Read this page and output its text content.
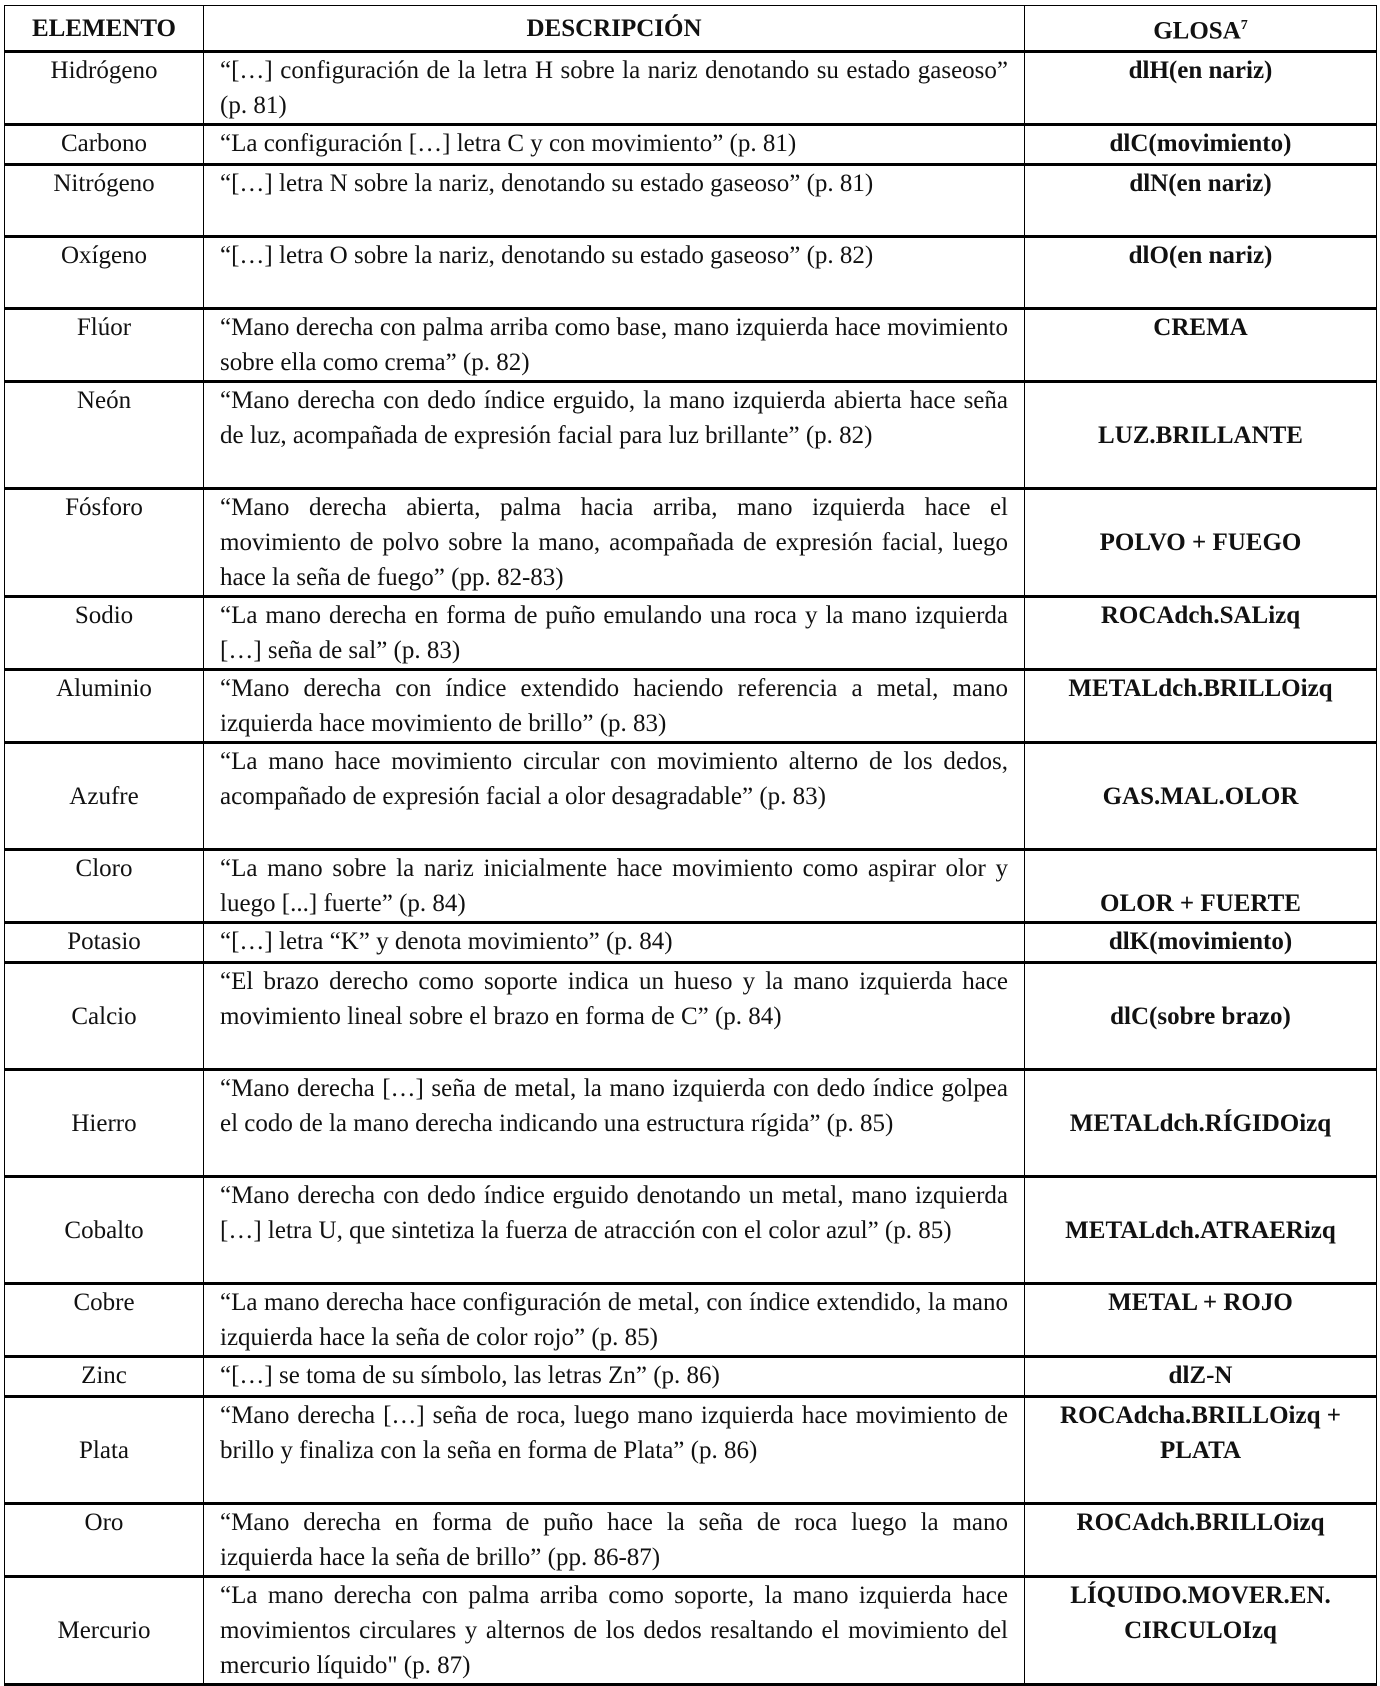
ELEMENTO	DESCRIPCIÓN	GLOSA$^7$
Hidrógeno	“[…] configuración de la letra H sobre la nariz denotando su estado gaseoso” (p. 81)	dlH(en nariz)
Carbono	“La configuración […] letra C y con movimiento” (p. 81)	dlC(movimiento)
Nitrógeno	“[…] letra N sobre la nariz, denotando su estado gaseoso” (p. 81)	dlN(en nariz)
Oxígeno	“[…] letra O sobre la nariz, denotando su estado gaseoso” (p. 82)	dlO(en nariz)
Flúor	“Mano derecha con palma arriba como base, mano izquierda hace movimiento sobre ella como crema” (p. 82)	CREMA
Neón	“Mano derecha con dedo índice erguido, la mano izquierda abierta hace seña de luz, acompañada de expresión facial para luz brillante” (p. 82)	LUZ.BRILLANTE
Fósforo	“Mano derecha abierta, palma hacia arriba, mano izquierda hace el movimiento de polvo sobre la mano, acompañada de expresión facial, luego hace la seña de fuego” (pp. 82-83)	POLVO + FUEGO
Sodio	“La mano derecha en forma de puño emulando una roca y la mano izquierda […] seña de sal” (p. 83)	ROCAdch.SALizq
Aluminio	“Mano derecha con índice extendido haciendo referencia a metal, mano izquierda hace movimiento de brillo” (p. 83)	METALdch.BRILLOizq
Azufre	“La mano hace movimiento circular con movimiento alterno de los dedos, acompañado de expresión facial a olor desagradable” (p. 83)	GAS.MAL.OLOR
Cloro	“La mano sobre la nariz inicialmente hace movimiento como aspirar olor y luego [...] fuerte” (p. 84)	OLOR + FUERTE
Potasio	“[…] letra “K” y denota movimiento” (p. 84)	dlK(movimiento)
Calcio	“El brazo derecho como soporte indica un hueso y la mano izquierda hace movimiento lineal sobre el brazo en forma de C” (p. 84)	dlC(sobre brazo)
Hierro	“Mano derecha […] seña de metal, la mano izquierda con dedo índice golpea el codo de la mano derecha indicando una estructura rígida” (p. 85)	METALdch.RÍGIDOizq
Cobalto	“Mano derecha con dedo índice erguido denotando un metal, mano izquierda […] letra U, que sintetiza la fuerza de atracción con el color azul” (p. 85)	METALdch.ATRAERizq
Cobre	“La mano derecha hace configuración de metal, con índice extendido, la mano izquierda hace la seña de color rojo” (p. 85)	METAL + ROJO
Zinc	“[…] se toma de su símbolo, las letras Zn” (p. 86)	dlZ-N
Plata	“Mano derecha […] seña de roca, luego mano izquierda hace movimiento de brillo y finaliza con la seña en forma de Plata” (p. 86)	ROCAdcha.BRILLOizq + PLATA
Oro	“Mano derecha en forma de puño hace la seña de roca luego la mano izquierda hace la seña de brillo” (pp. 86-87)	ROCAdch.BRILLOizq
Mercurio	“La mano derecha con palma arriba como soporte, la mano izquierda hace movimientos circulares y alternos de los dedos resaltando el movimiento del mercurio líquido" (p. 87)	LÍQUIDO.MOVER.EN. CIRCULOIzq
